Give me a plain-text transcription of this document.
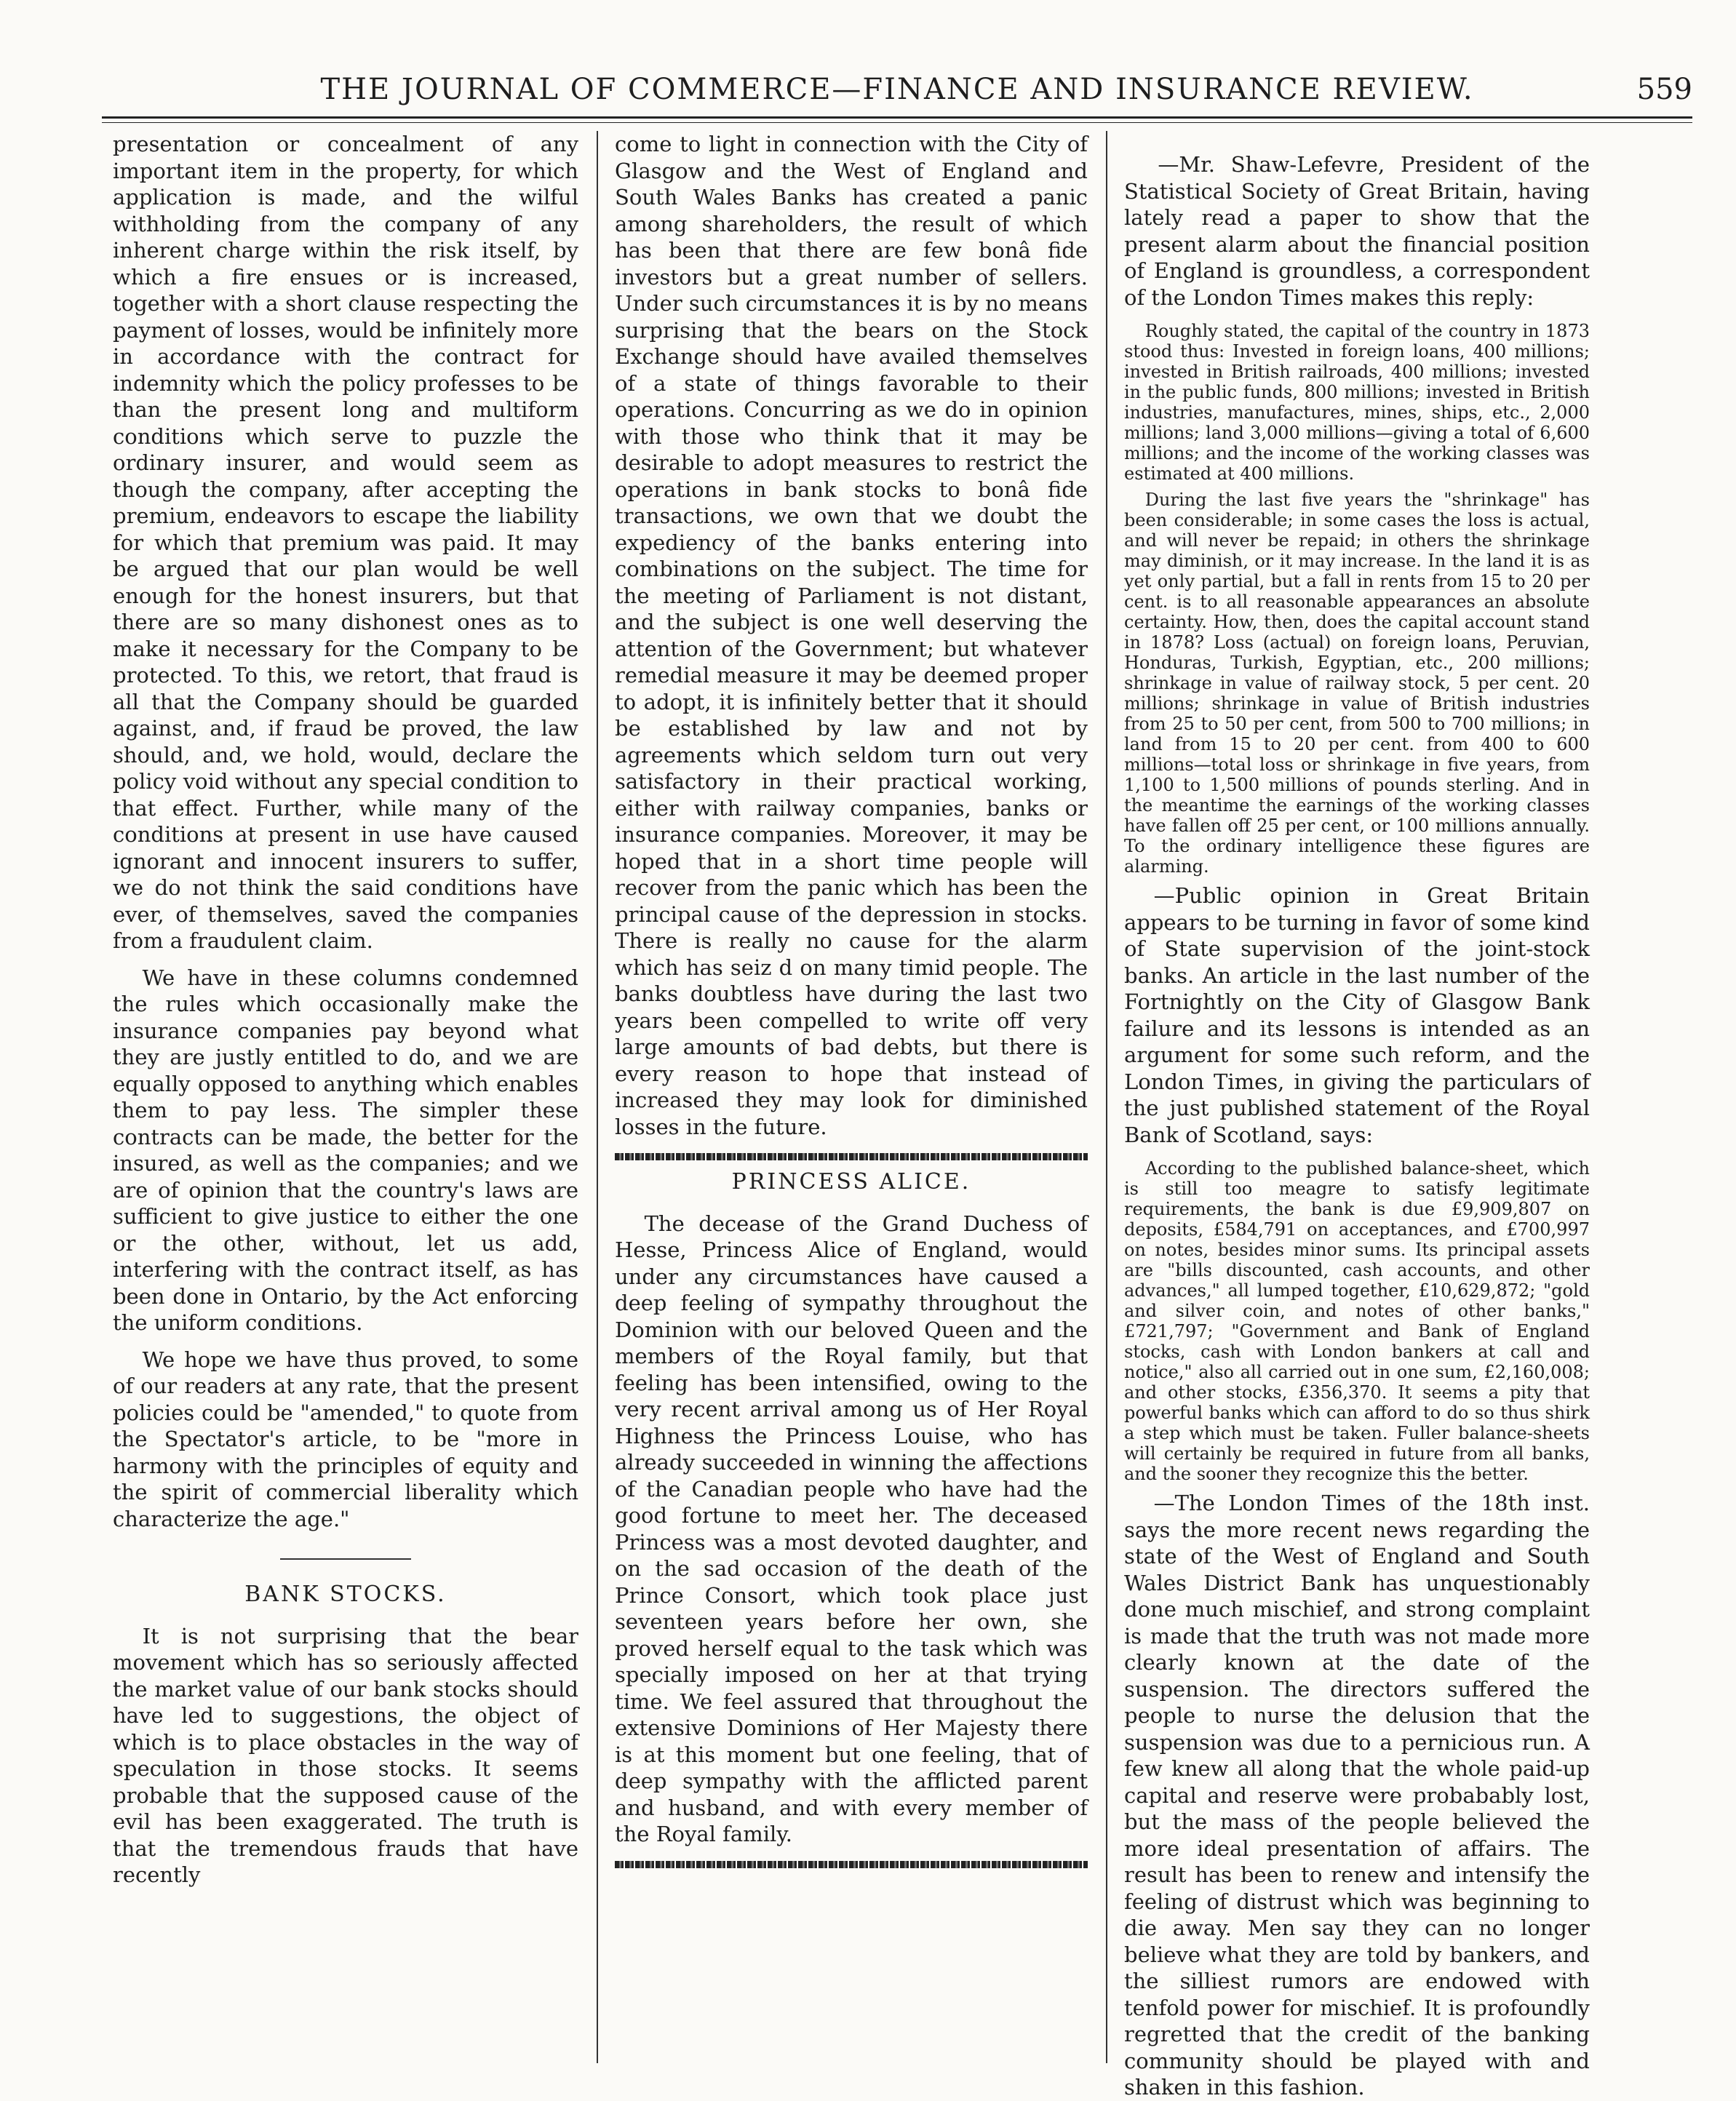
THE JOURNAL OF COMMERCE—FINANCE AND INSURANCE REVIEW.	559

presentation or concealment of any important item in the property, for which application is made, and the wilful withholding from the company of any inherent charge within the risk itself, by which a fire ensues or is increased, together with a short clause respecting the payment of losses, would be infinitely more in accordance with the contract for indemnity which the policy professes to be than the present long and multiform conditions which serve to puzzle the ordinary insurer, and would seem as though the company, after accepting the premium, endeavors to escape the liability for which that premium was paid. It may be argued that our plan would be well enough for the honest insurers, but that there are so many dishonest ones as to make it necessary for the Company to be protected. To this, we retort, that fraud is all that the Company should be guarded against, and, if fraud be proved, the law should, and, we hold, would, declare the policy void without any special condition to that effect. Further, while many of the conditions at present in use have caused ignorant and innocent insurers to suffer, we do not think the said conditions have ever, of themselves, saved the companies from a fraudulent claim.

We have in these columns condemned the rules which occasionally make the insurance companies pay beyond what they are justly entitled to do, and we are equally opposed to anything which enables them to pay less. The simpler these contracts can be made, the better for the insured, as well as the companies; and we are of opinion that the country's laws are sufficient to give justice to either the one or the other, without, let us add, interfering with the contract itself, as has been done in Ontario, by the Act enforcing the uniform conditions.

We hope we have thus proved, to some of our readers at any rate, that the present policies could be "amended," to quote from the Spectator's article, to be "more in harmony with the principles of equity and the spirit of commercial liberality which characterize the age."

BANK STOCKS.

It is not surprising that the bear movement which has so seriously affected the market value of our bank stocks should have led to suggestions, the object of which is to place obstacles in the way of speculation in those stocks. It seems probable that the supposed cause of the evil has been exaggerated. The truth is that the tremendous frauds that have recently

come to light in connection with the City of Glasgow and the West of England and South Wales Banks has created a panic among shareholders, the result of which has been that there are few bonâ fide investors but a great number of sellers. Under such circumstances it is by no means surprising that the bears on the Stock Exchange should have availed themselves of a state of things favorable to their operations. Concurring as we do in opinion with those who think that it may be desirable to adopt measures to restrict the operations in bank stocks to bonâ fide transactions, we own that we doubt the expediency of the banks entering into combinations on the subject. The time for the meeting of Parliament is not distant, and the subject is one well deserving the attention of the Government; but whatever remedial measure it may be deemed proper to adopt, it is infinitely better that it should be established by law and not by agreements which seldom turn out very satisfactory in their practical working, either with railway companies, banks or insurance companies. Moreover, it may be hoped that in a short time people will recover from the panic which has been the principal cause of the depression in stocks. There is really no cause for the alarm which has seiz d on many timid people. The banks doubtless have during the last two years been compelled to write off very large amounts of bad debts, but there is every reason to hope that instead of increased they may look for diminished losses in the future.

PRINCESS ALICE.

The decease of the Grand Duchess of Hesse, Princess Alice of England, would under any circumstances have caused a deep feeling of sympathy throughout the Dominion with our beloved Queen and the members of the Royal family, but that feeling has been intensified, owing to the very recent arrival among us of Her Royal Highness the Princess Louise, who has already succeeded in winning the affections of the Canadian people who have had the good fortune to meet her. The deceased Princess was a most devoted daughter, and on the sad occasion of the death of the Prince Consort, which took place just seventeen years before her own, she proved herself equal to the task which was specially imposed on her at that trying time. We feel assured that throughout the extensive Dominions of Her Majesty there is at this moment but one feeling, that of deep sympathy with the afflicted parent and husband, and with every member of the Royal family.

—Mr. Shaw-Lefevre, President of the Statistical Society of Great Britain, having lately read a paper to show that the present alarm about the financial position of England is groundless, a correspondent of the London Times makes this reply:

Roughly stated, the capital of the country in 1873 stood thus: Invested in foreign loans, 400 millions; invested in British railroads, 400 millions; invested in the public funds, 800 millions; invested in British industries, manufactures, mines, ships, etc., 2,000 millions; land 3,000 millions—giving a total of 6,600 millions; and the income of the working classes was estimated at 400 millions.

During the last five years the "shrinkage" has been considerable; in some cases the loss is actual, and will never be repaid; in others the shrinkage may diminish, or it may increase. In the land it is as yet only partial, but a fall in rents from 15 to 20 per cent. is to all reasonable appearances an absolute certainty. How, then, does the capital account stand in 1878? Loss (actual) on foreign loans, Peruvian, Honduras, Turkish, Egyptian, etc., 200 millions; shrinkage in value of railway stock, 5 per cent. 20 millions; shrinkage in value of British industries from 25 to 50 per cent, from 500 to 700 millions; in land from 15 to 20 per cent. from 400 to 600 millions—total loss or shrinkage in five years, from 1,100 to 1,500 millions of pounds sterling. And in the meantime the earnings of the working classes have fallen off 25 per cent, or 100 millions annually. To the ordinary intelligence these figures are alarming.

—Public opinion in Great Britain appears to be turning in favor of some kind of State supervision of the joint-stock banks. An article in the last number of the Fortnightly on the City of Glasgow Bank failure and its lessons is intended as an argument for some such reform, and the London Times, in giving the particulars of the just published statement of the Royal Bank of Scotland, says:

According to the published balance-sheet, which is still too meagre to satisfy legitimate requirements, the bank is due £9,909,807 on deposits, £584,791 on acceptances, and £700,997 on notes, besides minor sums. Its principal assets are "bills discounted, cash accounts, and other advances," all lumped together, £10,629,872; "gold and silver coin, and notes of other banks," £721,797; "Government and Bank of England stocks, cash with London bankers at call and notice," also all carried out in one sum, £2,160,008; and other stocks, £356,370. It seems a pity that powerful banks which can afford to do so thus shirk a step which must be taken. Fuller balance-sheets will certainly be required in future from all banks, and the sooner they recognize this the better.

—The London Times of the 18th inst. says the more recent news regarding the state of the West of England and South Wales District Bank has unquestionably done much mischief, and strong complaint is made that the truth was not made more clearly known at the date of the suspension. The directors suffered the people to nurse the delusion that the suspension was due to a pernicious run. A few knew all along that the whole paid-up capital and reserve were probabably lost, but the mass of the people believed the more ideal presentation of affairs. The result has been to renew and intensify the feeling of distrust which was beginning to die away. Men say they can no longer believe what they are told by bankers, and the silliest rumors are endowed with tenfold power for mischief. It is profoundly regretted that the credit of the banking community should be played with and shaken in this fashion.
